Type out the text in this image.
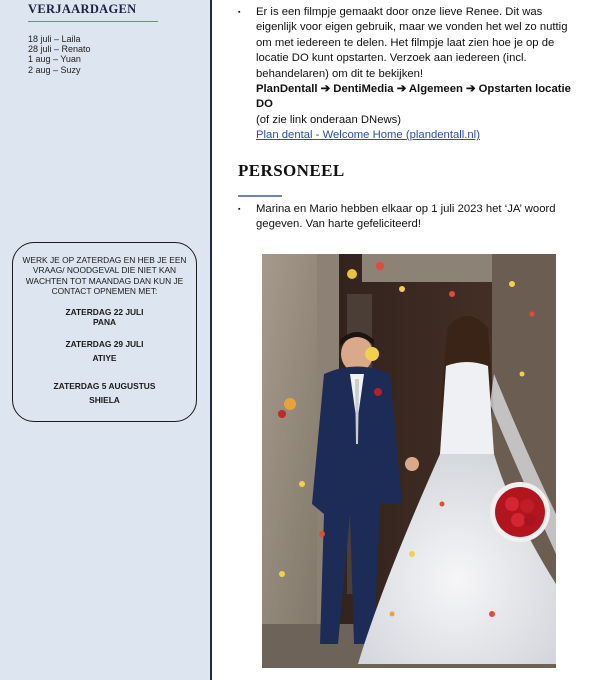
VERJAARDAGEN
18 juli – Laila
28 juli – Renato
1 aug – Yuan
2 aug – Suzy
WERK JE OP ZATERDAG EN HEB JE EEN VRAAG/ NOODGEVAL DIE NIET KAN WACHTEN TOT MAANDAG DAN KUN JE CONTACT OPNEMEN MET:
ZATERDAG 22 JULI
PANA
ZATERDAG 29 JULI
ATIYE
ZATERDAG 5 AUGUSTUS
SHIELA
▪	Er is een filmpje gemaakt door onze lieve Renee. Dit was eigenlijk voor eigen gebruik, maar we vonden het wel zo nuttig om met iedereen te delen. Het filmpje laat zien hoe je op de locatie DO kunt opstarten. Verzoek aan iedereen (incl. behandelaren) om dit te bekijken!
PlanDentall ➔ DentiMedia ➔ Algemeen ➔ Opstarten locatie DO
(of zie link onderaan DNews)
Plan dental - Welcome Home (plandentall.nl)
PERSONEEL
▪	Marina en Mario hebben elkaar op 1 juli 2023 het ‘JA’ woord gegeven. Van harte gefeliciteerd!
